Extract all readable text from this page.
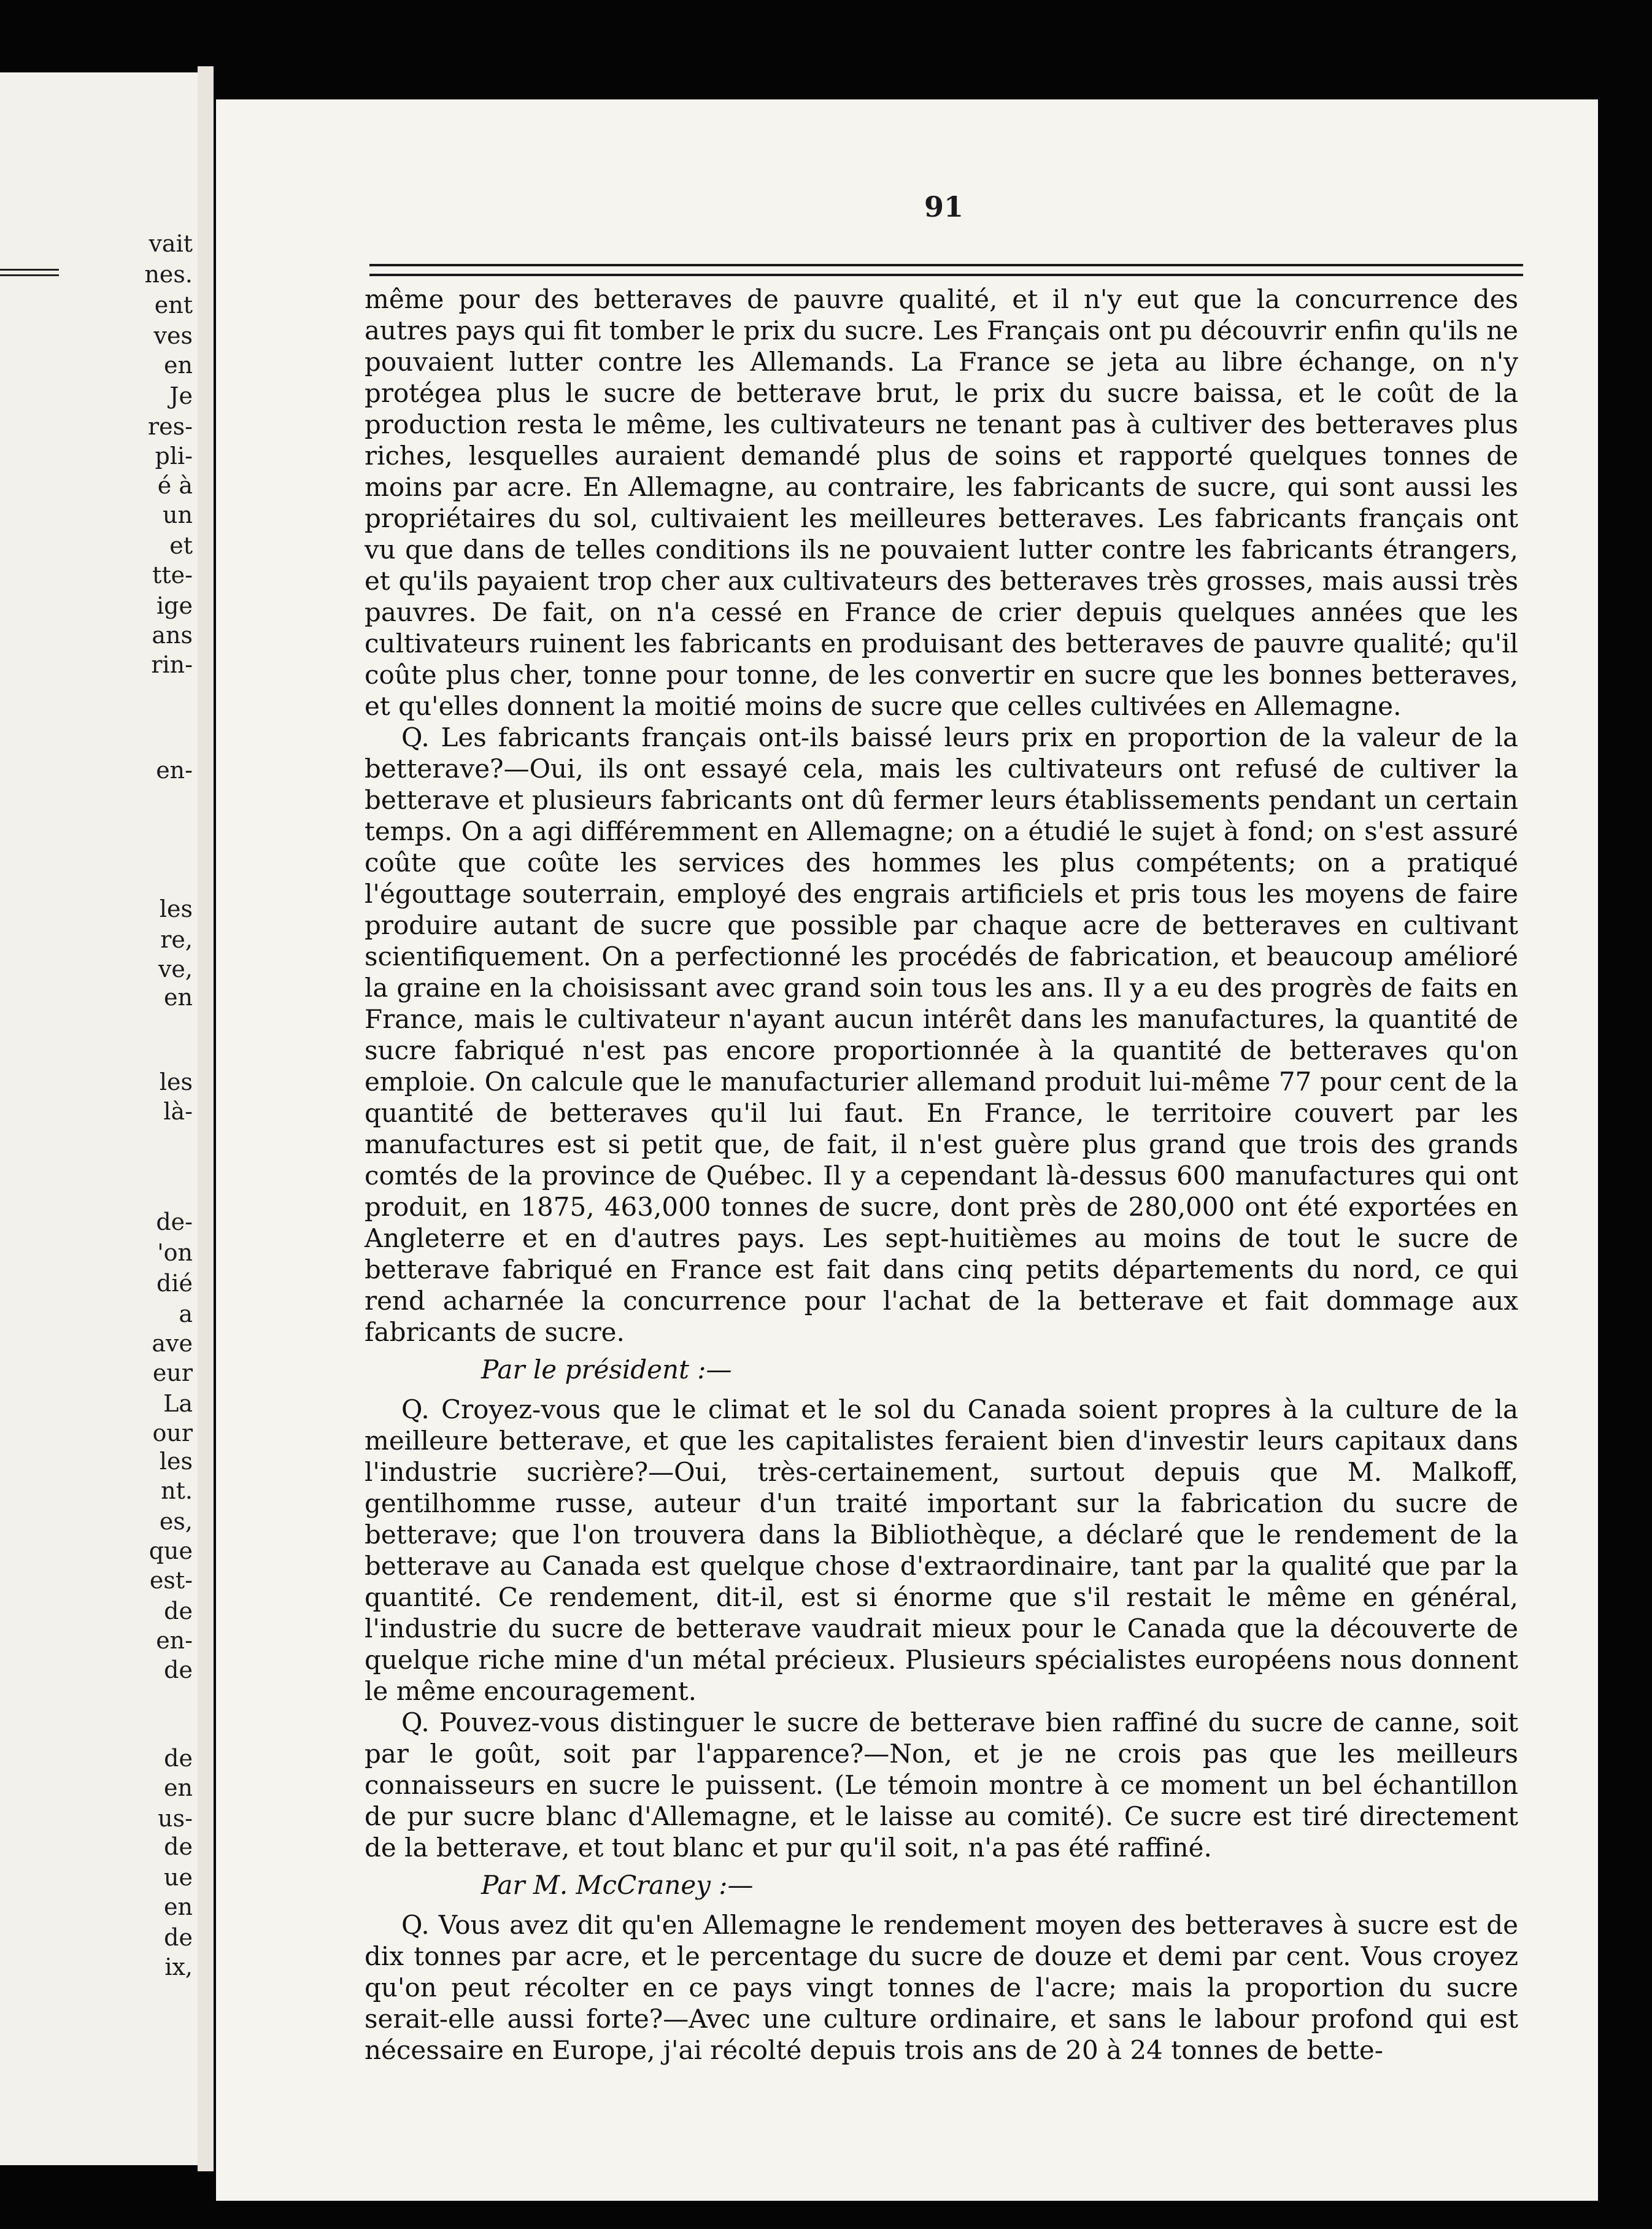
vait
nes.
ent
ves
en
Je
res-
pli-
é à
un
et
tte-
ige
ans
rin-
en-
les
re,
ve,
en
les
là-
de-
'on
dié
a
ave
eur
La
our
les
nt.
es,
que
est-
de
en-
de
de
en
us-
de
ue
en
de
ix,
91

même pour des betteraves de pauvre qualité, et il n'y eut que la concurrence des autres pays qui fit tomber le prix du sucre. Les Français ont pu découvrir enfin qu'ils ne pouvaient lutter contre les Allemands. La France se jeta au libre échange, on n'y protégea plus le sucre de betterave brut, le prix du sucre baissa, et le coût de la production resta le même, les cultivateurs ne tenant pas à cultiver des betteraves plus riches, lesquelles auraient demandé plus de soins et rapporté quelques tonnes de moins par acre. En Allemagne, au contraire, les fabricants de sucre, qui sont aussi les propriétaires du sol, cultivaient les meilleures betteraves. Les fabricants français ont vu que dans de telles conditions ils ne pouvaient lutter contre les fabricants étrangers, et qu'ils payaient trop cher aux cultivateurs des betteraves très grosses, mais aussi très pauvres. De fait, on n'a cessé en France de crier depuis quelques années que les cultivateurs ruinent les fabricants en produisant des betteraves de pauvre qualité; qu'il coûte plus cher, tonne pour tonne, de les convertir en sucre que les bonnes betteraves, et qu'elles donnent la moitié moins de sucre que celles cultivées en Allemagne.

Q. Les fabricants français ont-ils baissé leurs prix en proportion de la valeur de la betterave?—Oui, ils ont essayé cela, mais les cultivateurs ont refusé de cultiver la betterave et plusieurs fabricants ont dû fermer leurs établissements pendant un certain temps. On a agi différemment en Allemagne; on a étudié le sujet à fond; on s'est assuré coûte que coûte les services des hommes les plus compétents; on a pratiqué l'égouttage souterrain, employé des engrais artificiels et pris tous les moyens de faire produire autant de sucre que possible par chaque acre de betteraves en cultivant scientifiquement. On a perfectionné les procédés de fabrication, et beaucoup amélioré la graine en la choisissant avec grand soin tous les ans. Il y a eu des progrès de faits en France, mais le cultivateur n'ayant aucun intérêt dans les manufactures, la quantité de sucre fabriqué n'est pas encore proportionnée à la quantité de betteraves qu'on emploie. On calcule que le manufacturier allemand produit lui-même 77 pour cent de la quantité de betteraves qu'il lui faut. En France, le territoire couvert par les manufactures est si petit que, de fait, il n'est guère plus grand que trois des grands comtés de la province de Québec. Il y a cependant là-dessus 600 manufactures qui ont produit, en 1875, 463,000 tonnes de sucre, dont près de 280,000 ont été exportées en Angleterre et en d'autres pays. Les sept-huitièmes au moins de tout le sucre de betterave fabriqué en France est fait dans cinq petits départements du nord, ce qui rend acharnée la concurrence pour l'achat de la betterave et fait dommage aux fabricants de sucre.

Par le président :—

Q. Croyez-vous que le climat et le sol du Canada soient propres à la culture de la meilleure betterave, et que les capitalistes feraient bien d'investir leurs capitaux dans l'industrie sucrière?—Oui, très-certainement, surtout depuis que M. Malkoff, gentilhomme russe, auteur d'un traité important sur la fabrication du sucre de betterave; que l'on trouvera dans la Bibliothèque, a déclaré que le rendement de la betterave au Canada est quelque chose d'extraordinaire, tant par la qualité que par la quantité. Ce rendement, dit-il, est si énorme que s'il restait le même en général, l'industrie du sucre de betterave vaudrait mieux pour le Canada que la découverte de quelque riche mine d'un métal précieux. Plusieurs spécialistes européens nous donnent le même encouragement.

Q. Pouvez-vous distinguer le sucre de betterave bien raffiné du sucre de canne, soit par le goût, soit par l'apparence?—Non, et je ne crois pas que les meilleurs connaisseurs en sucre le puissent. (Le témoin montre à ce moment un bel échantillon de pur sucre blanc d'Allemagne, et le laisse au comité). Ce sucre est tiré directement de la betterave, et tout blanc et pur qu'il soit, n'a pas été raffiné.

Par M. McCraney :—

Q. Vous avez dit qu'en Allemagne le rendement moyen des betteraves à sucre est de dix tonnes par acre, et le percentage du sucre de douze et demi par cent. Vous croyez qu'on peut récolter en ce pays vingt tonnes de l'acre; mais la proportion du sucre serait-elle aussi forte?—Avec une culture ordinaire, et sans le labour profond qui est nécessaire en Europe, j'ai récolté depuis trois ans de 20 à 24 tonnes de bette-
